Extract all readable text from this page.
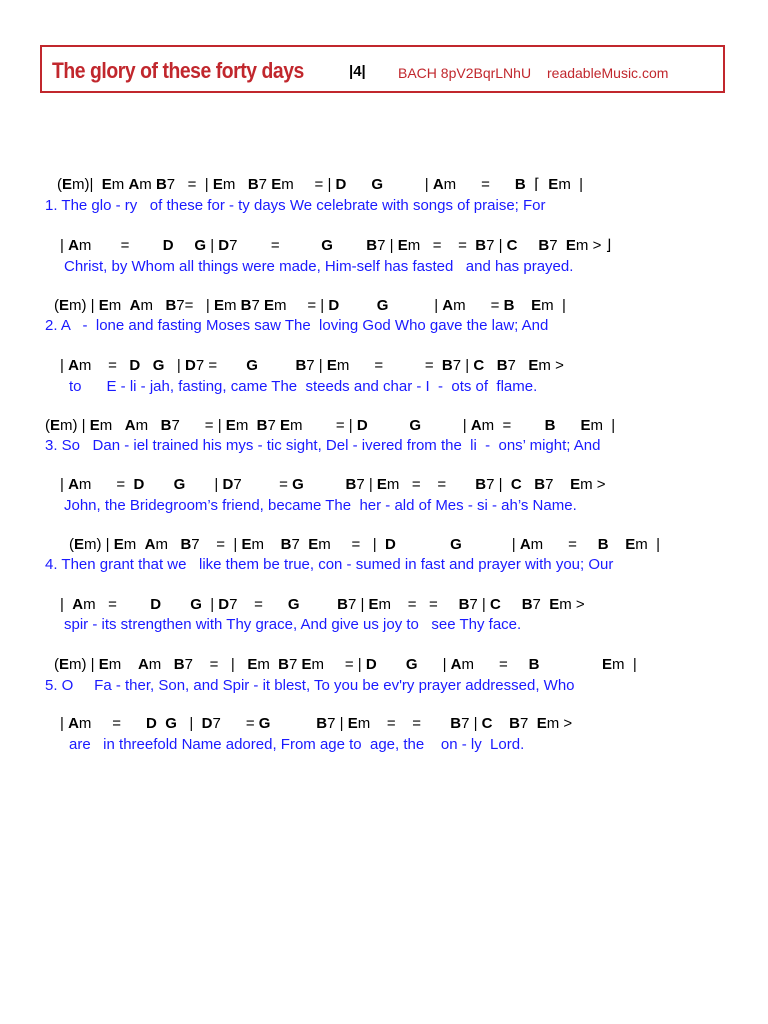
The glory of these forty days	|4| BACH 8pV2BqrLNhU readableMusic.com
(Em)|  Em Am B7   =  | Em   B7 Em     = | D G          | Am      =      B  ⌈  Em  |
1. The glo - ry   of these for - ty days We celebrate with songs of praise; For
| Am       =        D G | D7        =          G B7 | Em   =    =  B7 | C B7  Em > ⌋
Christ, by Whom all things were made, Him-self has fasted   and has prayed.
(Em) | Em  Am   B7=   | Em B7 Em     = | D	G           | Am      = B Em  |
2. A   -  lone and fasting Moses saw The  loving God Who gave the law; And
| Am    =   D G   | D7 =       G	B7 | Em      =          =  B7 | C B7   Em >
to      E - li - jah, fasting, came The  steeds and char - I  -  ots of  flame.
(Em) | Em   Am   B7      = | Em  B7 Em        = | D	G          | Am  =        B Em  |
3. So   Dan - iel trained his mys - tic sight, Del - ivered from the  li  -  ons’ might; And
| Am      =  D G       | D7         = G	B7 | Em   =    =       B7 |  C B7    Em >
John, the Bridegroom’s friend, became The  her - ald of Mes - si - ah’s Name.
(Em) | Em  Am   B7    =  | Em    B7  Em     =   |  D	G            | Am      =     B Em  |
4. Then grant that we   like them be true, con - sumed in fast and prayer with you; Our
|  Am   =        D G  | D7    =      G	B7 | Em    =   =     B7 | C B7  Em >
spir - its strengthen with Thy grace, And give us joy to   see Thy face.
(Em) | Em    Am   B7    =   |   Em  B7 Em     = | D G      | Am      =     B	Em  |
5. O     Fa - ther, Son, and Spir - it blest, To you be ev'ry prayer addressed, Who
| Am     =      D G   |  D7      = G	B7 | Em    =    =       B7 | C B7  Em >
are   in threefold Name adored, From age to  age, the    on - ly  Lord.
